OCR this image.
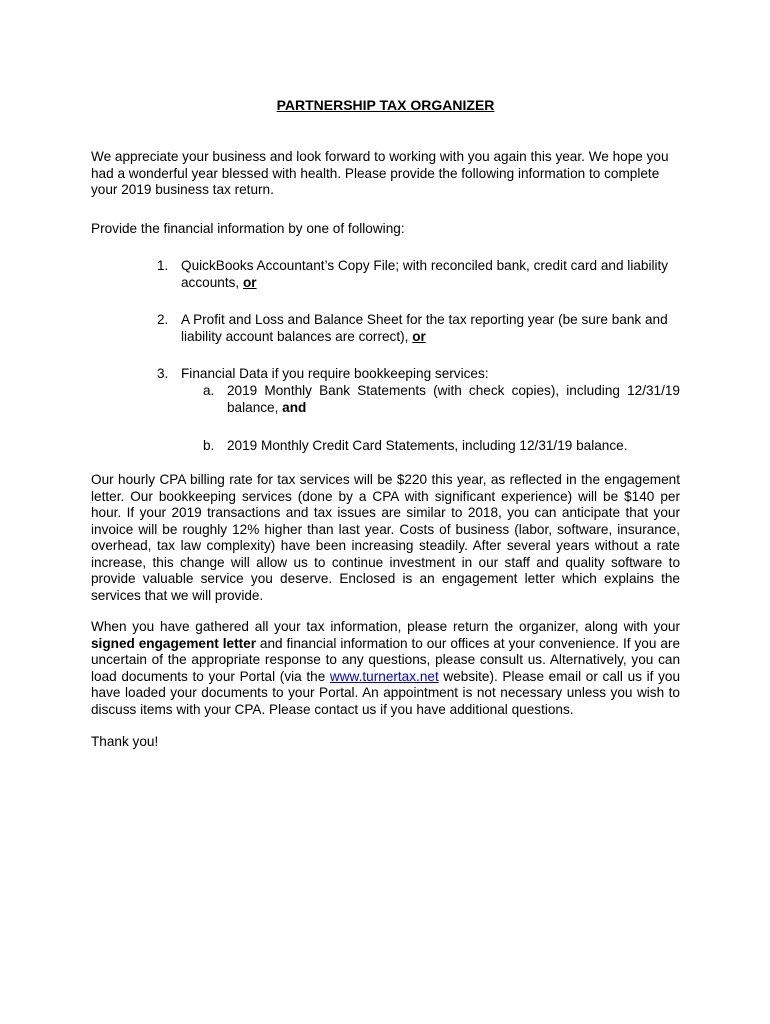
PARTNERSHIP TAX ORGANIZER

We appreciate your business and look forward to working with you again this year. We hope you had a wonderful year blessed with health. Please provide the following information to complete your 2019 business tax return.

Provide the financial information by one of following:

1. QuickBooks Accountant’s Copy File; with reconciled bank, credit card and liability accounts, or
2. A Profit and Loss and Balance Sheet for the tax reporting year (be sure bank and liability account balances are correct), or
3. Financial Data if you require bookkeeping services:
a. 2019 Monthly Bank Statements (with check copies), including 12/31/19 balance, and
b. 2019 Monthly Credit Card Statements, including 12/31/19 balance.

Our hourly CPA billing rate for tax services will be $220 this year, as reflected in the engagement letter. Our bookkeeping services (done by a CPA with significant experience) will be $140 per hour. If your 2019 transactions and tax issues are similar to 2018, you can anticipate that your invoice will be roughly 12% higher than last year. Costs of business (labor, software, insurance, overhead, tax law complexity) have been increasing steadily. After several years without a rate increase, this change will allow us to continue investment in our staff and quality software to provide valuable service you deserve. Enclosed is an engagement letter which explains the services that we will provide.

When you have gathered all your tax information, please return the organizer, along with your signed engagement letter and financial information to our offices at your convenience. If you are uncertain of the appropriate response to any questions, please consult us. Alternatively, you can load documents to your Portal (via the www.turnertax.net website). Please email or call us if you have loaded your documents to your Portal. An appointment is not necessary unless you wish to discuss items with your CPA. Please contact us if you have additional questions.

Thank you!
